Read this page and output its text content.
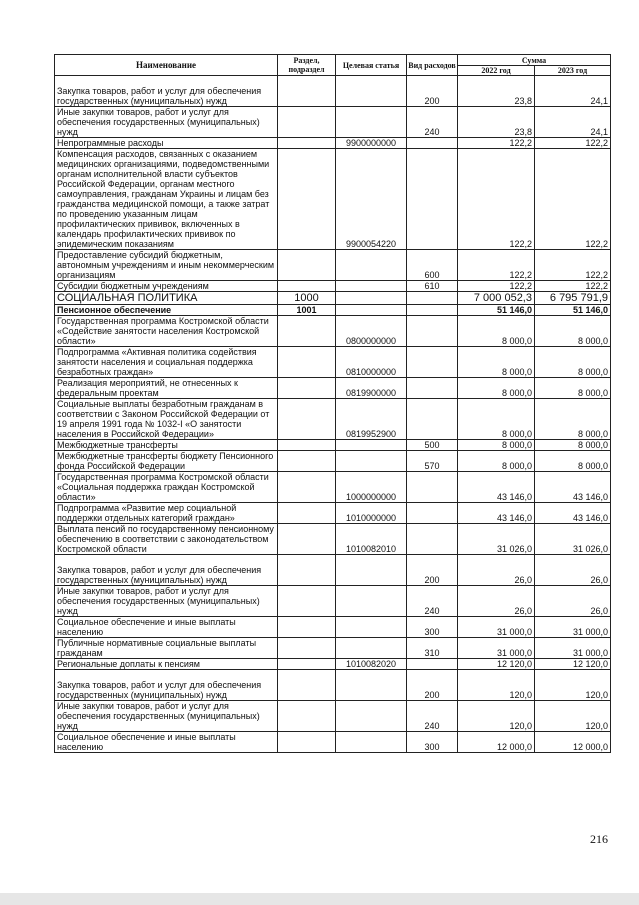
Наименование	Раздел, подраздел	Целевая статья	Вид расходов	Сумма	
				2022 год	2023 год
Закупка товаров, работ и услуг для обеспечения государственных (муниципальных) нужд			200	23,8	24,1
Иные закупки товаров, работ и услуг для обеспечения государственных (муниципальных) нужд			240	23,8	24,1
Непрограммные расходы		9900000000		122,2	122,2
Компенсация расходов, связанных с оказанием медицинских организациями, подведомственными органам исполнительной власти субъектов Российской Федерации, органам местного самоуправления, гражданам Украины и лицам без гражданства медицинской помощи, а также затрат по проведению указанным лицам профилактических прививок, включенных в календарь профилактических прививок по эпидемическим показаниям		9900054220		122,2	122,2
Предоставление субсидий бюджетным, автономным учреждениям и иным некоммерческим организациям			600	122,2	122,2
Субсидии бюджетным учреждениям			610	122,2	122,2
СОЦИАЛЬНАЯ ПОЛИТИКА	1000			7 000 052,3	6 795 791,9
Пенсионное обеспечение	1001			51 146,0	51 146,0
Государственная программа Костромской области «Содействие занятости населения Костромской области»		0800000000		8 000,0	8 000,0
Подпрограмма «Активная политика содействия занятости населения и социальная поддержка безработных граждан»		0810000000		8 000,0	8 000,0
Реализация мероприятий, не отнесенных к федеральным проектам		0819900000		8 000,0	8 000,0
Социальные выплаты безработным гражданам в соответствии с Законом Российской Федерации от 19 апреля 1991 года № 1032-I «О занятости населения в Российской Федерации»		0819952900		8 000,0	8 000,0
Межбюджетные трансферты			500	8 000,0	8 000,0
Межбюджетные трансферты бюджету Пенсионного фонда Российской Федерации			570	8 000,0	8 000,0
Государственная программа Костромской области «Социальная поддержка граждан Костромской области»		1000000000		43 146,0	43 146,0
Подпрограмма «Развитие мер социальной поддержки отдельных категорий граждан»		1010000000		43 146,0	43 146,0
Выплата пенсий по государственному пенсионному обеспечению в соответствии с законодательством Костромской области		1010082010		31 026,0	31 026,0
Закупка товаров, работ и услуг для обеспечения государственных (муниципальных) нужд			200	26,0	26,0
Иные закупки товаров, работ и услуг для обеспечения государственных (муниципальных) нужд			240	26,0	26,0
Социальное обеспечение и иные выплаты населению			300	31 000,0	31 000,0
Публичные нормативные социальные выплаты гражданам			310	31 000,0	31 000,0
Региональные доплаты к пенсиям		1010082020		12 120,0	12 120,0
Закупка товаров, работ и услуг для обеспечения государственных (муниципальных) нужд			200	120,0	120,0
Иные закупки товаров, работ и услуг для обеспечения государственных (муниципальных) нужд			240	120,0	120,0
Социальное обеспечение и иные выплаты населению			300	12 000,0	12 000,0
216
